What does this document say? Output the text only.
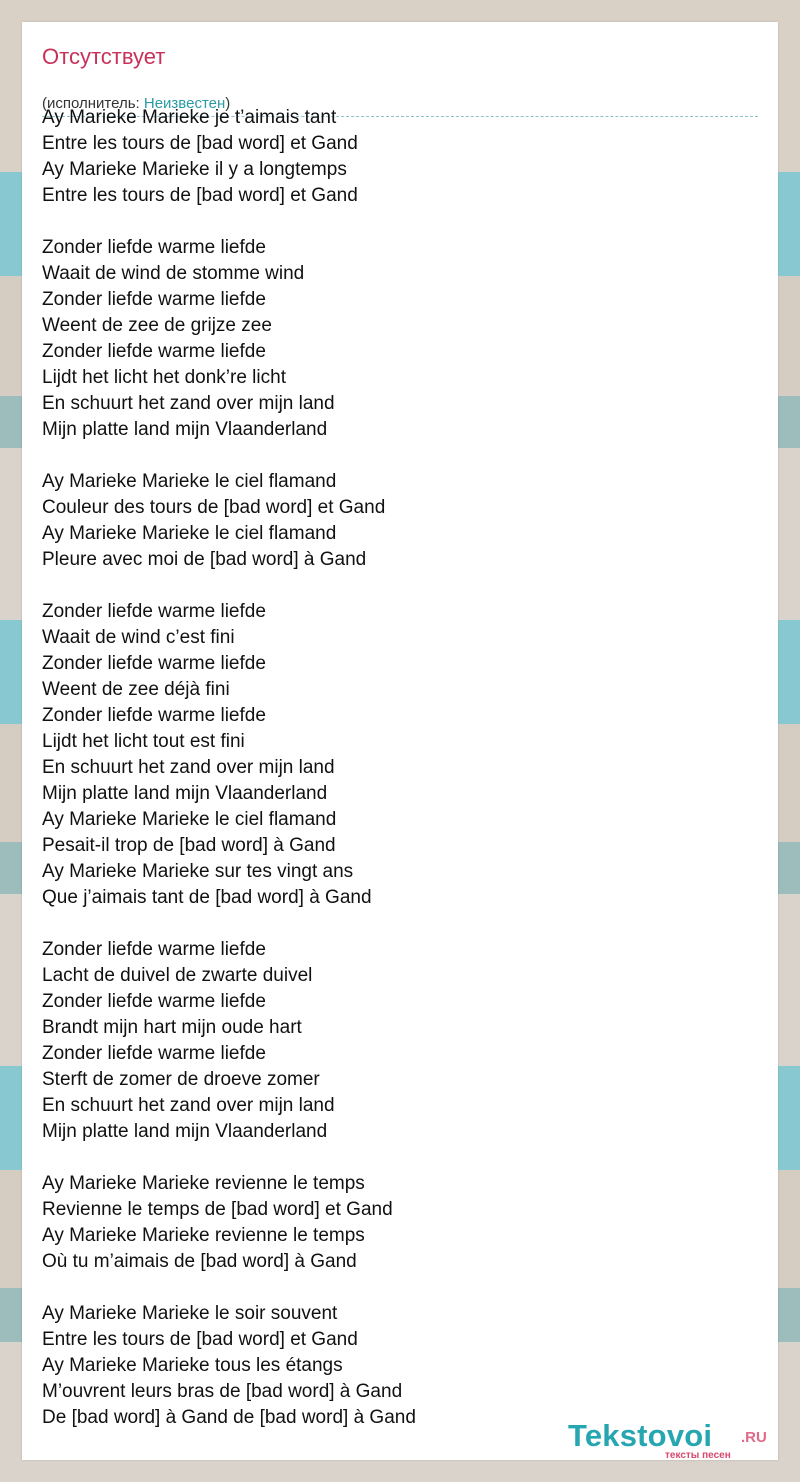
Отсутствует
(исполнитель: Неизвестен)
Ay Marieke Marieke je t’aimais tant
Entre les tours de [bad word] et Gand
Ay Marieke Marieke il y a longtemps
Entre les tours de [bad word] et Gand
Zonder liefde warme liefde
Waait de wind de stomme wind
Zonder liefde warme liefde
Weent de zee de grijze zee
Zonder liefde warme liefde
Lijdt het licht het donk’re licht
En schuurt het zand over mijn land
Mijn platte land mijn Vlaanderland
Ay Marieke Marieke le ciel flamand
Couleur des tours de [bad word] et Gand
Ay Marieke Marieke le ciel flamand
Pleure avec moi de [bad word] à Gand
Zonder liefde warme liefde
Waait de wind c’est fini
Zonder liefde warme liefde
Weent de zee déjà fini
Zonder liefde warme liefde
Lijdt het licht tout est fini
En schuurt het zand over mijn land
Mijn platte land mijn Vlaanderland
Ay Marieke Marieke le ciel flamand
Pesait-il trop de [bad word] à Gand
Ay Marieke Marieke sur tes vingt ans
Que j’aimais tant de [bad word] à Gand
Zonder liefde warme liefde
Lacht de duivel de zwarte duivel
Zonder liefde warme liefde
Brandt mijn hart mijn oude hart
Zonder liefde warme liefde
Sterft de zomer de droeve zomer
En schuurt het zand over mijn land
Mijn platte land mijn Vlaanderland
Ay Marieke Marieke revienne le temps
Revienne le temps de [bad word] et Gand
Ay Marieke Marieke revienne le temps
Où tu m’aimais de [bad word] à Gand
Ay Marieke Marieke le soir souvent
Entre les tours de [bad word] et Gand
Ay Marieke Marieke tous les étangs
M’ouvrent leurs bras de [bad word] à Gand
De [bad word] à Gand de [bad word] à Gand
Tekstovoi .RU
тексты песен
